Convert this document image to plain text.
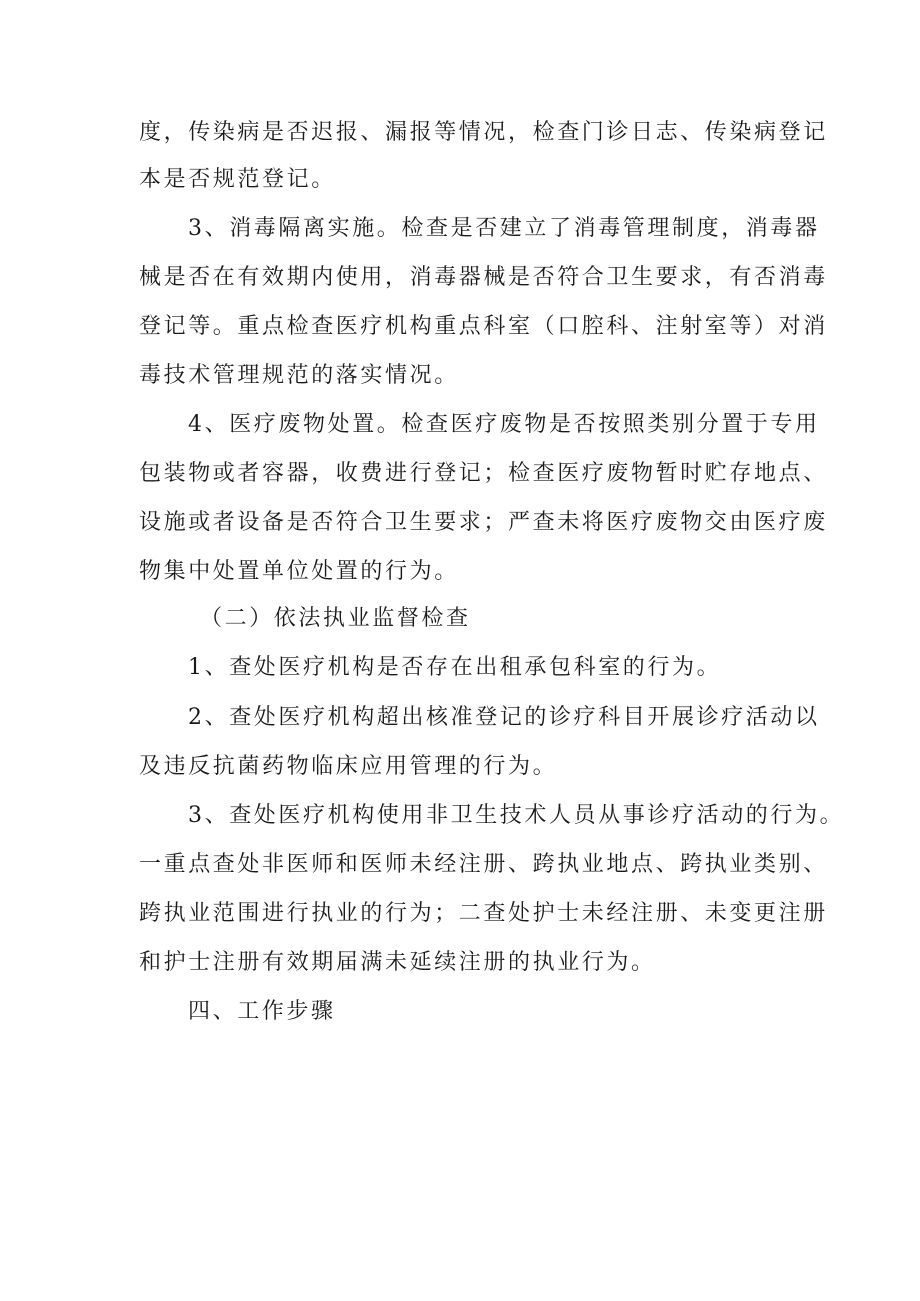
度，传染病是否迟报、漏报等情况，检查门诊日志、传染病登记
本是否规范登记。
3、消毒隔离实施。检查是否建立了消毒管理制度，消毒器
械是否在有效期内使用，消毒器械是否符合卫生要求，有否消毒
登记等。重点检查医疗机构重点科室（口腔科、注射室等）对消
毒技术管理规范的落实情况。
4、医疗废物处置。检查医疗废物是否按照类别分置于专用
包装物或者容器，收费进行登记；检查医疗废物暂时贮存地点、
设施或者设备是否符合卫生要求；严查未将医疗废物交由医疗废
物集中处置单位处置的行为。
（二）依法执业监督检查
1、查处医疗机构是否存在出租承包科室的行为。
2、查处医疗机构超出核准登记的诊疗科目开展诊疗活动以
及违反抗菌药物临床应用管理的行为。
3、查处医疗机构使用非卫生技术人员从事诊疗活动的行为。
一重点查处非医师和医师未经注册、跨执业地点、跨执业类别、
跨执业范围进行执业的行为；二查处护士未经注册、未变更注册
和护士注册有效期届满未延续注册的执业行为。
四、工作步骤
